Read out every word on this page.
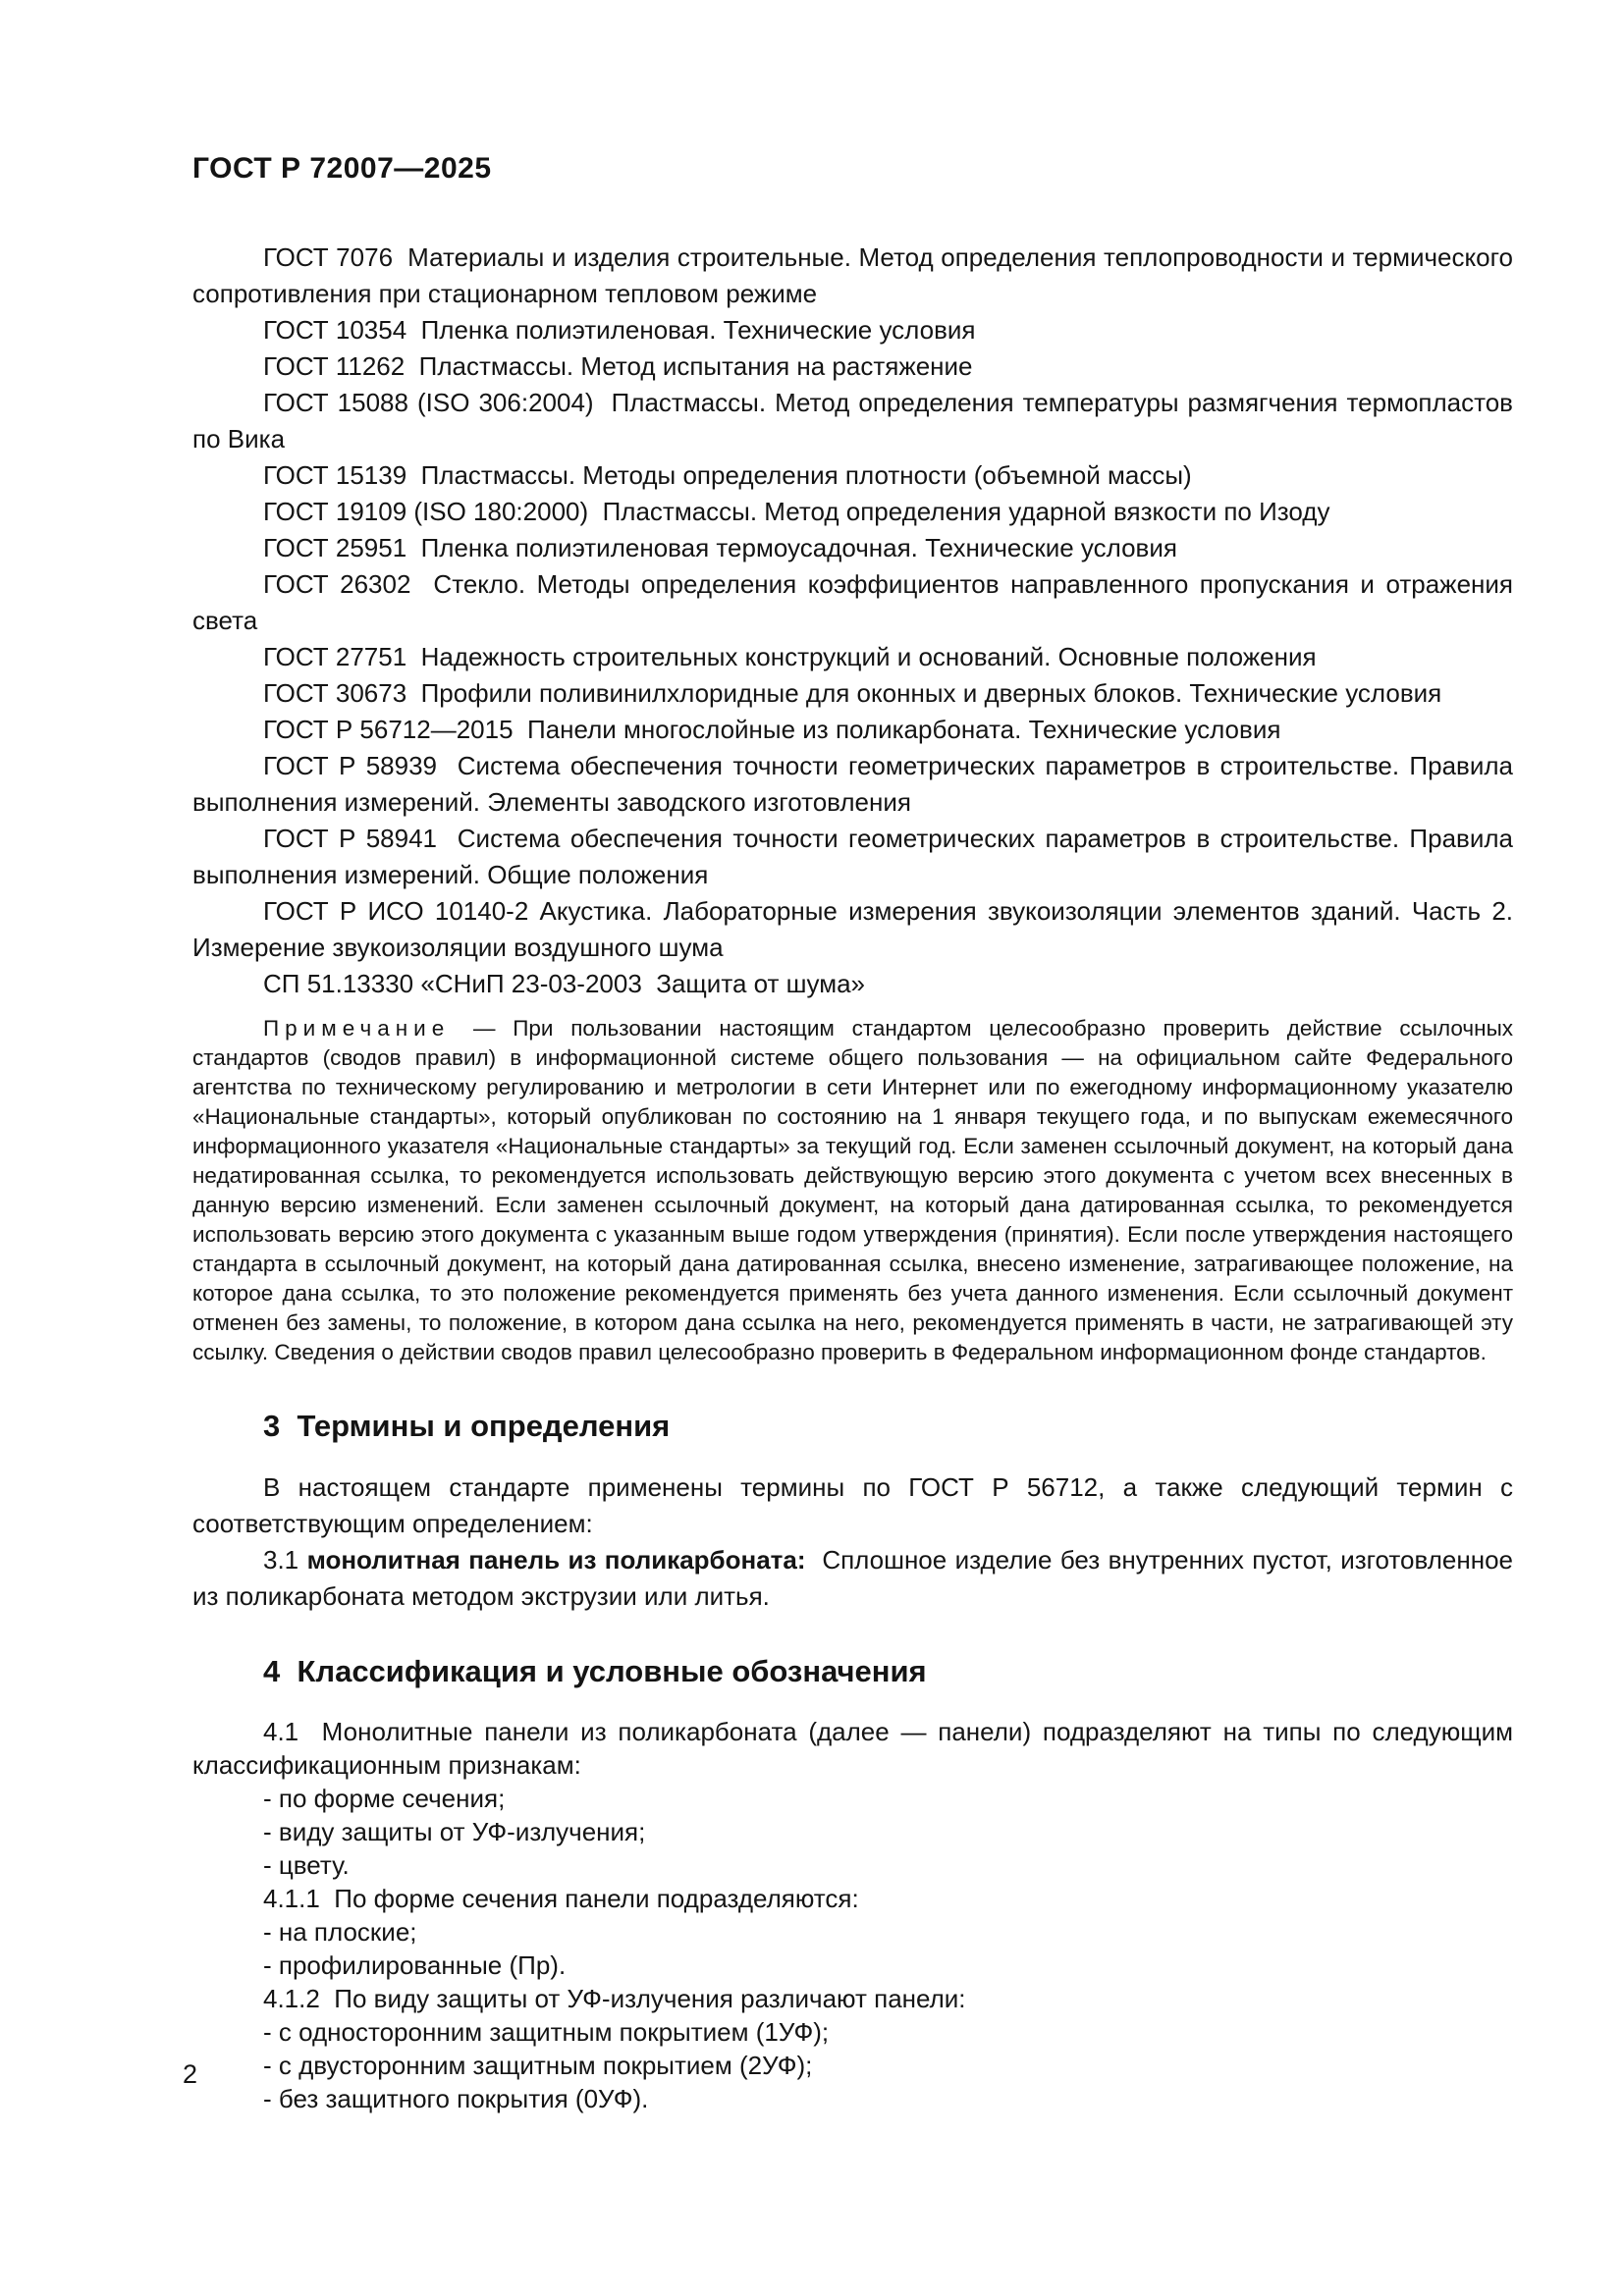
ГОСТ Р 72007—2025

ГОСТ 7076  Материалы и изделия строительные. Метод определения теплопроводности и термического сопротивления при стационарном тепловом режиме

ГОСТ 10354  Пленка полиэтиленовая. Технические условия

ГОСТ 11262  Пластмассы. Метод испытания на растяжение

ГОСТ 15088 (ISO 306:2004)  Пластмассы. Метод определения температуры размягчения термопластов по Вика

ГОСТ 15139  Пластмассы. Методы определения плотности (объемной массы)

ГОСТ 19109 (ISO 180:2000)  Пластмассы. Метод определения ударной вязкости по Изоду

ГОСТ 25951  Пленка полиэтиленовая термоусадочная. Технические условия

ГОСТ 26302  Стекло. Методы определения коэффициентов направленного пропускания и отражения света

ГОСТ 27751  Надежность строительных конструкций и оснований. Основные положения

ГОСТ 30673  Профили поливинилхлоридные для оконных и дверных блоков. Технические условия

ГОСТ Р 56712—2015  Панели многослойные из поликарбоната. Технические условия

ГОСТ Р 58939  Система обеспечения точности геометрических параметров в строительстве. Правила выполнения измерений. Элементы заводского изготовления

ГОСТ Р 58941  Система обеспечения точности геометрических параметров в строительстве. Правила выполнения измерений. Общие положения

ГОСТ Р ИСО 10140-2 Акустика. Лабораторные измерения звукоизоляции элементов зданий. Часть 2. Измерение звукоизоляции воздушного шума

СП 51.13330 «СНиП 23-03-2003  Защита от шума»

Примечание — При пользовании настоящим стандартом целесообразно проверить действие ссылочных стандартов (сводов правил) в информационной системе общего пользования — на официальном сайте Федерального агентства по техническому регулированию и метрологии в сети Интернет или по ежегодному информационному указателю «Национальные стандарты», который опубликован по состоянию на 1 января текущего года, и по выпускам ежемесячного информационного указателя «Национальные стандарты» за текущий год. Если заменен ссылочный документ, на который дана недатированная ссылка, то рекомендуется использовать действующую версию этого документа с учетом всех внесенных в данную версию изменений. Если заменен ссылочный документ, на который дана датированная ссылка, то рекомендуется использовать версию этого документа с указанным выше годом утверждения (принятия). Если после утверждения настоящего стандарта в ссылочный документ, на который дана датированная ссылка, внесено изменение, затрагивающее положение, на которое дана ссылка, то это положение рекомендуется применять без учета данного изменения. Если ссылочный документ отменен без замены, то положение, в котором дана ссылка на него, рекомендуется применять в части, не затрагивающей эту ссылку. Сведения о действии сводов правил целесообразно проверить в Федеральном информационном фонде стандартов.

3  Термины и определения

В настоящем стандарте применены термины по ГОСТ Р 56712, а также следующий термин с соответствующим определением:

3.1 монолитная панель из поликарбоната: Сплошное изделие без внутренних пустот, изготовленное из поликарбоната методом экструзии или литья.

4  Классификация и условные обозначения

4.1  Монолитные панели из поликарбоната (далее — панели) подразделяют на типы по следующим классификационным признакам:

- по форме сечения;

- виду защиты от УФ-излучения;

- цвету.

4.1.1  По форме сечения панели подразделяются:

- на плоские;

- профилированные (Пр).

4.1.2  По виду защиты от УФ-излучения различают панели:

- с односторонним защитным покрытием (1УФ);

- с двусторонним защитным покрытием (2УФ);

- без защитного покрытия (0УФ).

2
